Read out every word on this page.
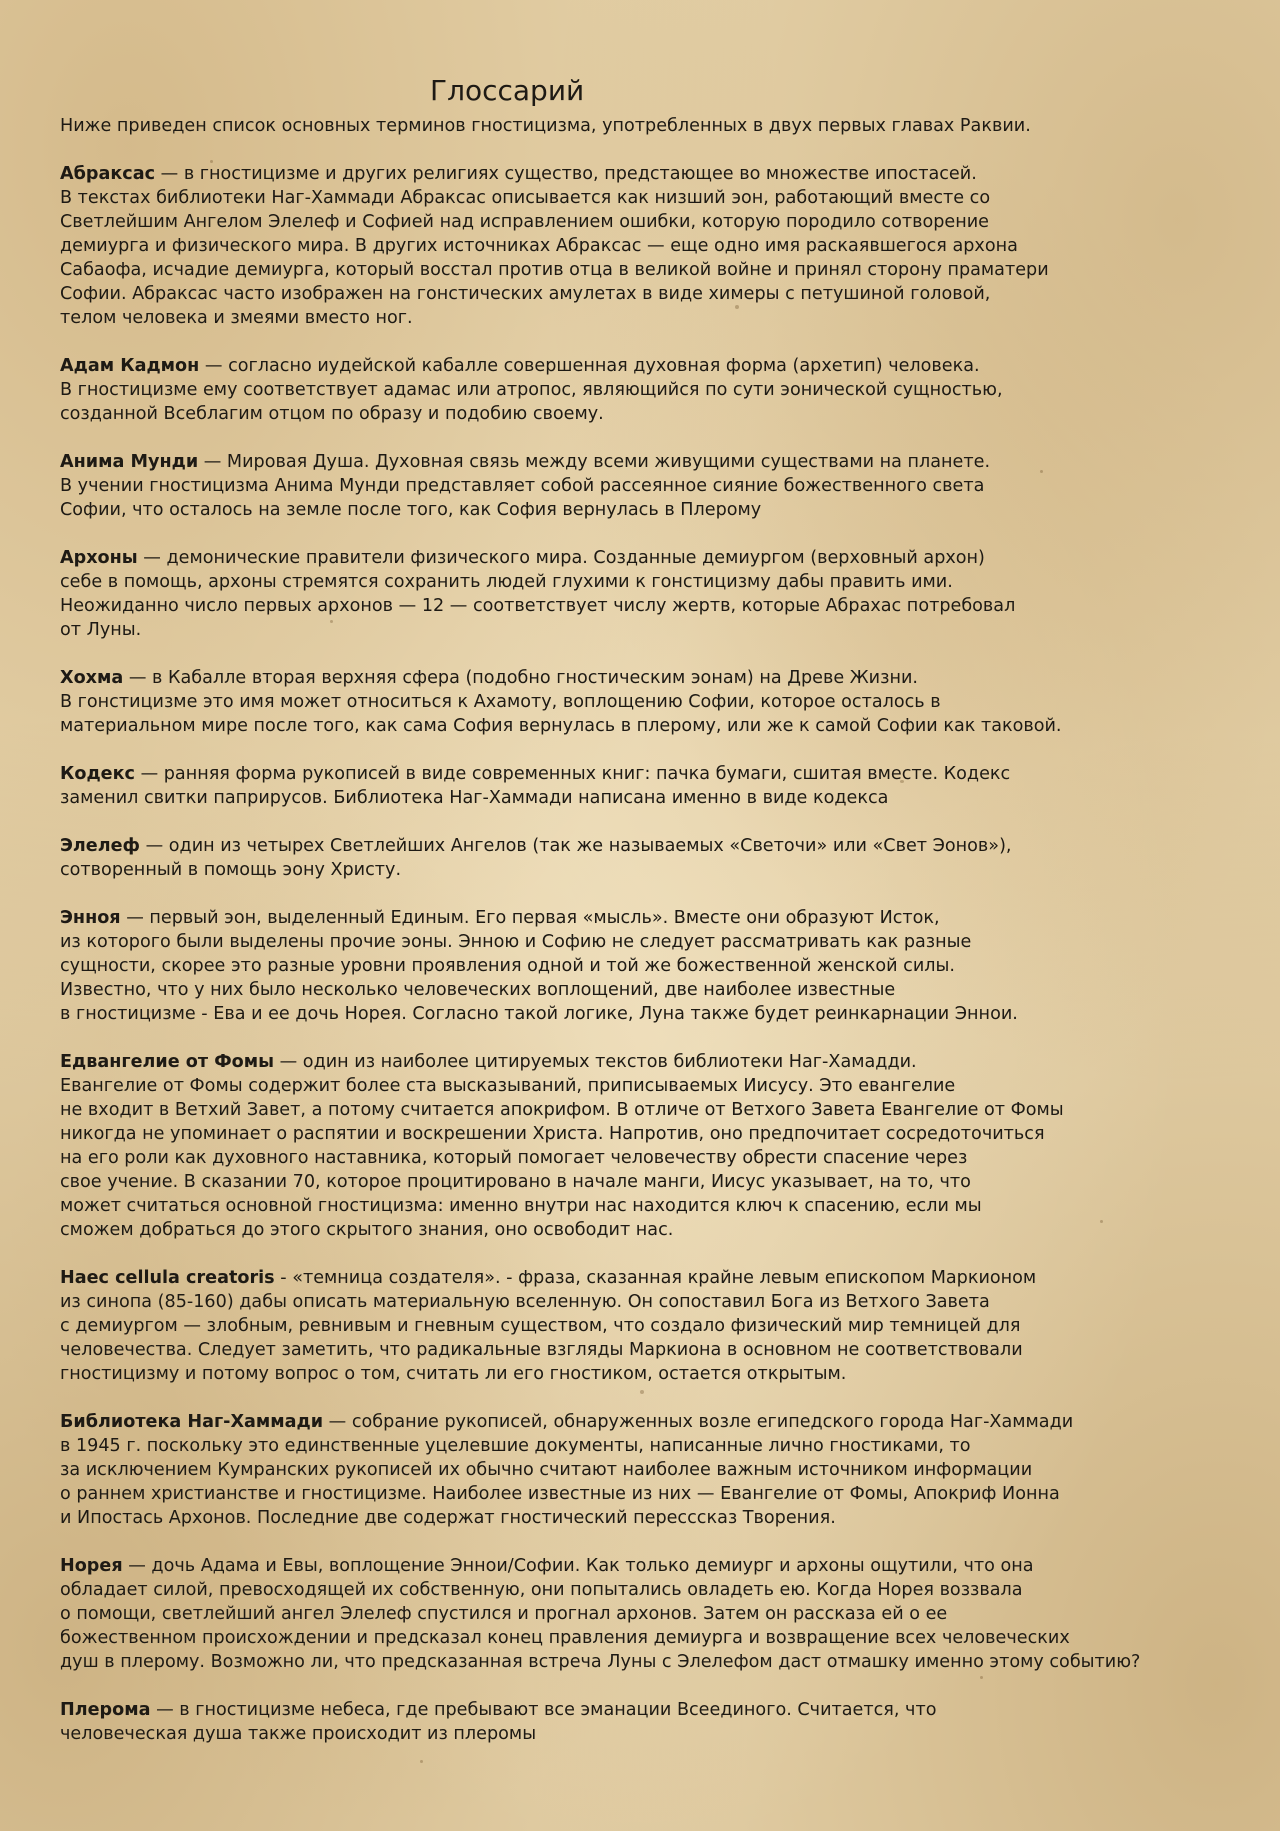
Глоссарий
Ниже приведен список основных терминов гностицизма, употребленных в двух первых главах Раквии.
Абраксас — в гностицизме и других религиях существо, предстающее во множестве ипостасей.
В текстах библиотеки Наг-Хаммади Абраксас описывается как низший эон, работающий вместе со
Светлейшим Ангелом Элелеф и Софией над исправлением ошибки, которую породило сотворение
демиурга и физического мира. В других источниках Абраксас — еще одно имя раскаявшегося архона
Сабаофа, исчадие демиурга, который восстал против отца в великой войне и принял сторону праматери
Софии. Абраксас часто изображен на гонстических амулетах в виде химеры с петушиной головой,
телом человека и змеями вместо ног.
Адам Кадмон — согласно иудейской кабалле совершенная духовная форма (архетип) человека.
В гностицизме ему соответствует адамас или атропос, являющийся по сути эонической сущностью,
созданной Всеблагим отцом по образу и подобию своему.
Анима Мунди — Мировая Душа. Духовная связь между всеми живущими существами на планете.
В учении гностицизма Анима Мунди представляет собой рассеянное сияние божественного света
Софии, что осталось на земле после того, как София вернулась в Плерому
Архоны — демонические правители физического мира. Созданные демиургом (верховный архон)
себе в помощь, архоны стремятся сохранить людей глухими к гонстицизму дабы править ими.
Неожиданно число первых архонов — 12 — соответствует числу жертв, которые Абрахас потребовал
от Луны.
Хохма — в Кабалле вторая верхняя сфера (подобно гностическим эонам) на Древе Жизни.
В гонстицизме это имя может относиться к Ахамоту, воплощению Софии, которое осталось в
материальном мире после того, как сама София вернулась в плерому, или же к самой Софии как таковой.
Кодекс — ранняя форма рукописей в виде современных книг: пачка бумаги, сшитая вместе. Кодекс
заменил свитки паприрусов. Библиотека Наг-Хаммади написана именно в виде кодекса
Элелеф — один из четырех Светлейших Ангелов (так же называемых «Светочи» или «Свет Эонов»),
сотворенный в помощь эону Христу.
Энноя — первый эон, выделенный Единым. Его первая «мысль». Вместе они образуют Исток,
из которого были выделены прочие эоны. Энною и Софию не следует рассматривать как разные
сущности, скорее это разные уровни проявления одной и той же божественной женской силы.
Известно, что у них было несколько человеческих воплощений, две наиболее известные
в гностицизме - Ева и ее дочь Норея. Согласно такой логике, Луна также будет реинкарнации Эннои.
Едвангелие от Фомы — один из наиболее цитируемых текстов библиотеки Наг-Хамадди.
Евангелие от Фомы содержит более ста высказываний, приписываемых Иисусу. Это евангелие
не входит в Ветхий Завет, а потому считается апокрифом. В отличе от Ветхого Завета Евангелие от Фомы
никогда не упоминает о распятии и воскрешении Христа. Напротив, оно предпочитает сосредоточиться
на его роли как духовного наставника, который помогает человечеству обрести спасение через
свое учение. В сказании 70, которое процитировано в начале манги, Иисус указывает, на то, что
может считаться основной гностицизма: именно внутри нас находится ключ к спасению, если мы
сможем добраться до этого скрытого знания, оно освободит нас.
Haec cellula creatoris - «темница создателя». - фраза, сказанная крайне левым епископом Маркионом
из синопа (85-160) дабы описать материальную вселенную. Он сопоставил Бога из Ветхого Завета
с демиургом — злобным, ревнивым и гневным существом, что создало физический мир темницей для
человечества. Следует заметить, что радикальные взгляды Маркиона в основном не соответствовали
гностицизму и потому вопрос о том, считать ли его гностиком, остается открытым.
Библиотека Наг-Хаммади — собрание рукописей, обнаруженных возле египедского города Наг-Хаммади
в 1945 г. поскольку это единственные уцелевшие документы, написанные лично гностиками, то
за исключением Кумранских рукописей их обычно считают наиболее важным источником информации
о раннем христианстве и гностицизме. Наиболее известные из них — Евангелие от Фомы, Апокриф Ионна
и Ипостась Архонов. Последние две содержат гностический пересссказ Творения.
Норея — дочь Адама и Евы, воплощение Эннои/Софии. Как только демиург и архоны ощутили, что она
обладает силой, превосходящей их собственную, они попытались овладеть ею. Когда Норея воззвала
о помощи, светлейший ангел Элелеф спустился и прогнал архонов. Затем он рассказа ей о ее
божественном происхождении и предсказал конец правления демиурга и возвращение всех человеческих
душ в плерому. Возможно ли, что предсказанная встреча Луны с Элелефом даст отмашку именно этому событию?
Плерома — в гностицизме небеса, где пребывают все эманации Всеединого. Считается, что
человеческая душа также происходит из плеромы
